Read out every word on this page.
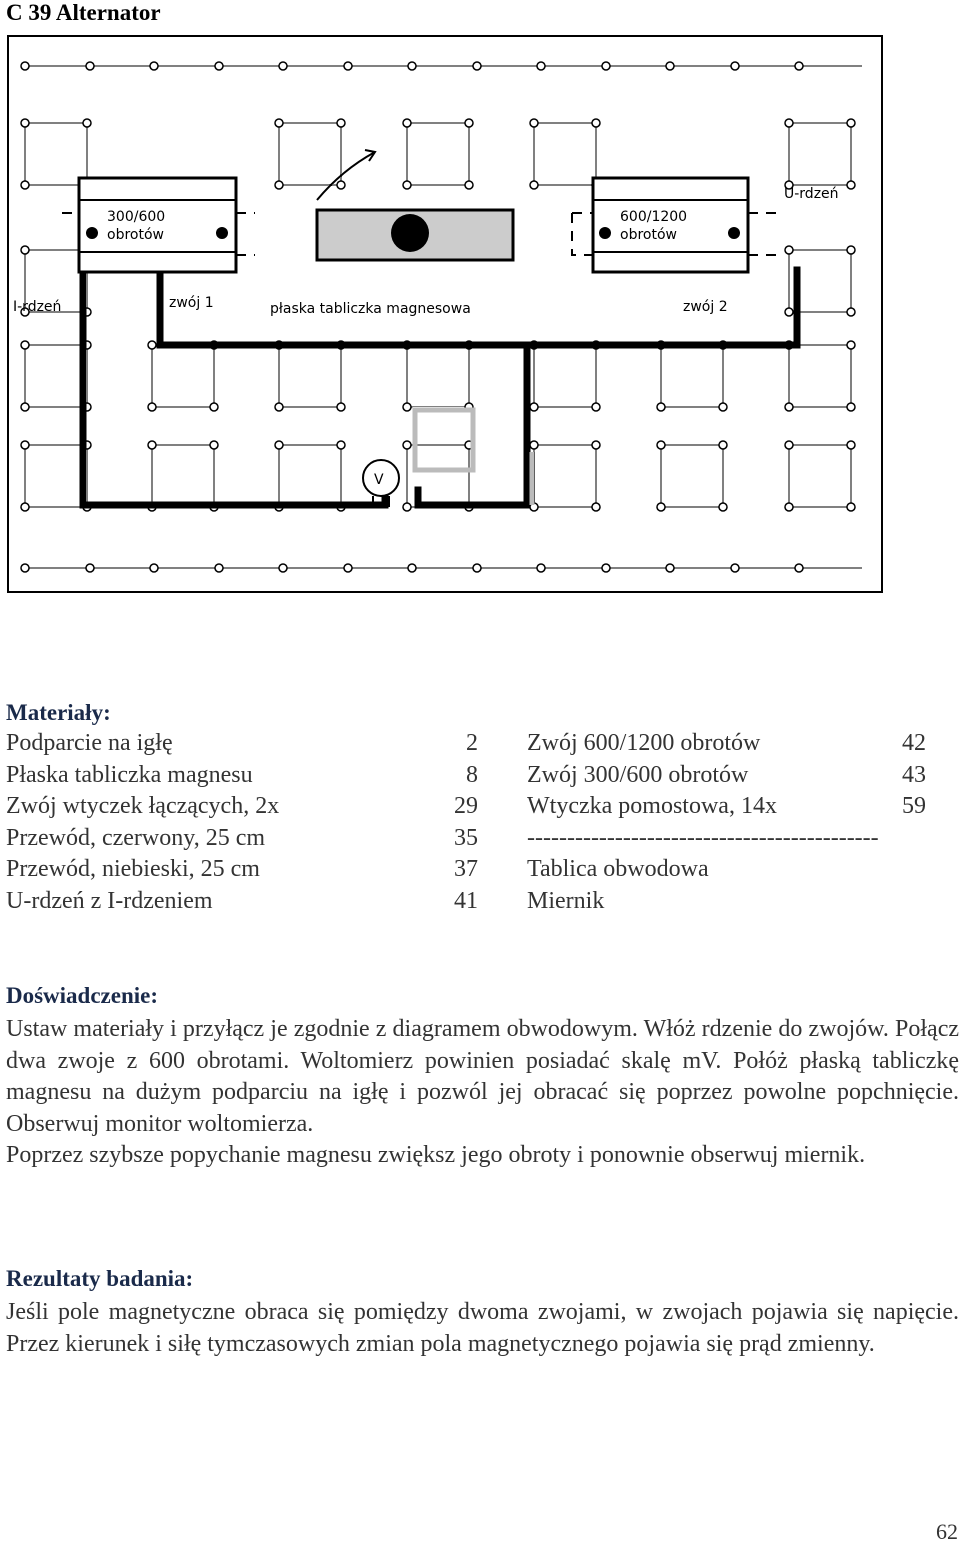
C 39 Alternator
300/600
obrotów
600/1200
obrotów
V
I-rdzeń	zwój 1	płaska tabliczka magnesowa	zwój 2
U-rdzeń
Materiały:
Podparcie na igłę	2
Płaska tabliczka magnesu	8
Zwój wtyczek łączących, 2x	29
Przewód, czerwony, 25 cm	35
Przewód, niebieski, 25 cm	37
U-rdzeń z I-rdzeniem	41
Zwój 600/1200 obrotów	42
Zwój 300/600 obrotów	43
Wtyczka pomostowa, 14x	59
--------------------------------------------
Tablica obwodowa
Miernik
Doświadczenie:

Ustaw materiały i przyłącz je zgodnie z diagramem obwodowym. Włóż rdzenie do zwojów. Połącz dwa zwoje z 600 obrotami. Woltomierz powinien posiadać skalę mV. Połóż płaską tabliczkę magnesu na dużym podparciu na igłę i pozwól jej obracać się poprzez powolne popchnięcie. Obserwuj monitor woltomierza.

Poprzez szybsze popychanie magnesu zwiększ jego obroty i ponownie obserwuj miernik.

Rezultaty badania:

Jeśli pole magnetyczne obraca się pomiędzy dwoma zwojami, w zwojach pojawia się napięcie. Przez kierunek i siłę tymczasowych zmian pola magnetycznego pojawia się prąd zmienny.

62
